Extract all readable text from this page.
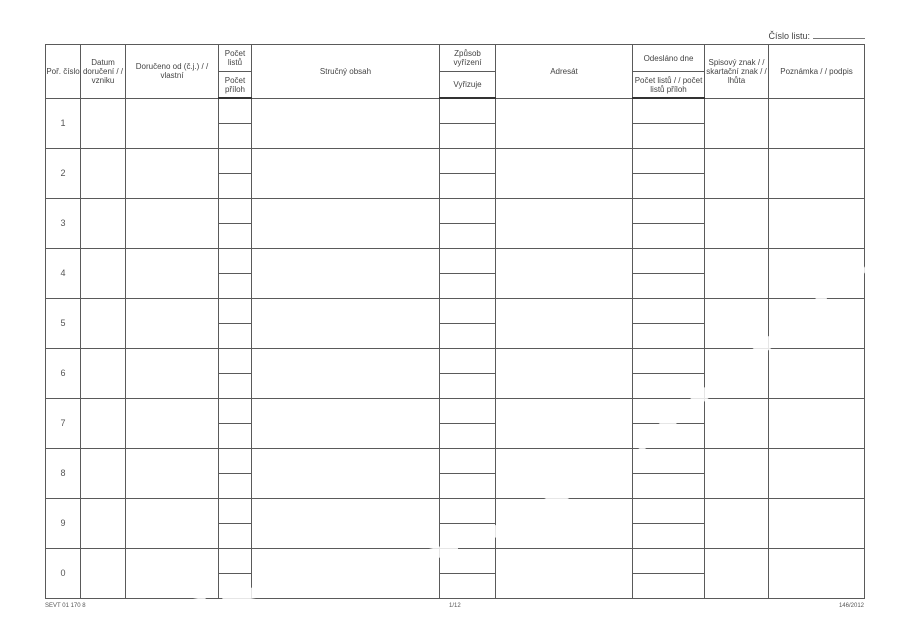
Číslo listu:
Poř. číslo	Datum doručení / / vzniku	Doručeno od (č.j.) / / vlastní	Počet listů	Stručný obsah	Způsob vyřízení	Adresát	Odesláno dne	Spisový znak / / skartační znak / / lhůta	Poznámka / / podpis
			Počet příloh		Vyřizuje		Počet listů / / počet listů příloh		
1									

2									

3									

4									

5									

6									

7									

8									

9									

0									

SEVT 01 170 8	1/12	146/2012
